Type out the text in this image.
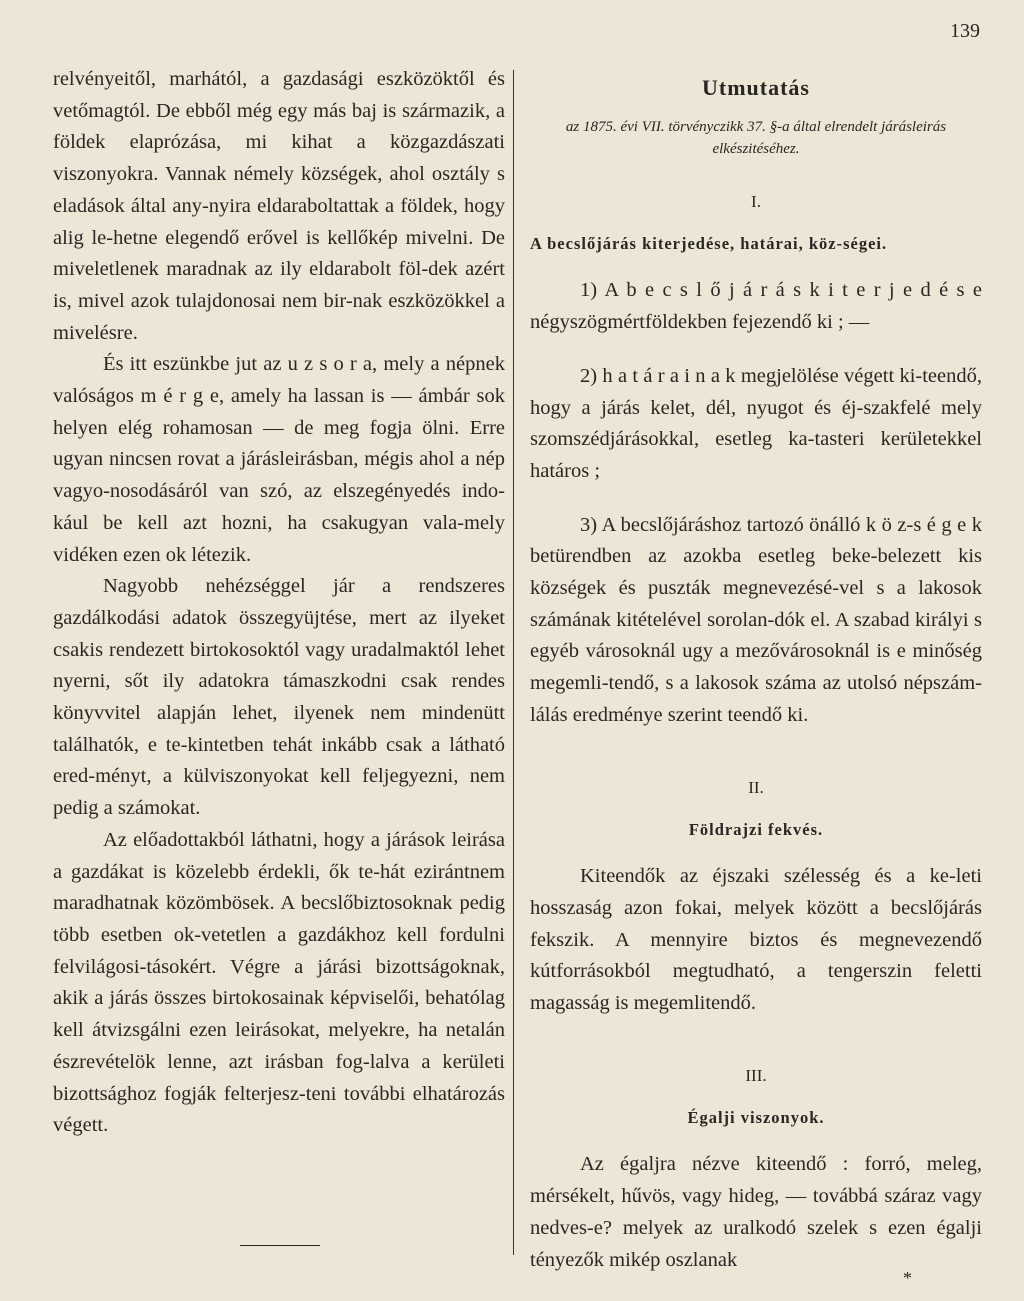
139

relvényeitől, marhától, a gazdasági eszközöktől és vetőmagtól. De ebből még egy más baj is származik, a földek elaprózása, mi kihat a közgazdászati viszonyokra. Vannak némely községek, ahol osztály s eladások által any-nyira eldaraboltattak a földek, hogy alig le-hetne elegendő erővel is kellőkép mivelni. De miveletlenek maradnak az ily eldarabolt föl-dek azért is, mivel azok tulajdonosai nem bir-nak eszközökkel a mivelésre.

És itt eszünkbe jut az u z s o r a, mely a népnek valóságos m é r g e, amely ha lassan is — ámbár sok helyen elég rohamosan — de meg fogja ölni. Erre ugyan nincsen rovat a járásleirásban, mégis ahol a nép vagyo-nosodásáról van szó, az elszegényedés indo-kául be kell azt hozni, ha csakugyan vala-mely vidéken ezen ok létezik.

Nagyobb nehézséggel jár a rendszeres gazdálkodási adatok összegyüjtése, mert az ilyeket csakis rendezett birtokosoktól vagy uradalmaktól lehet nyerni, sőt ily adatokra támaszkodni csak rendes könyvvitel alapján lehet, ilyenek nem mindenütt találhatók, e te-kintetben tehát inkább csak a látható ered-ményt, a külviszonyokat kell feljegyezni, nem pedig a számokat.

Az előadottakból láthatni, hogy a járások leirása a gazdákat is közelebb érdekli, ők te-hát ezirántnem maradhatnak közömbösek. A becslőbiztosoknak pedig több esetben ok-vetetlen a gazdákhoz kell fordulni felvilágosi-tásokért. Végre a járási bizottságoknak, akik a járás összes birtokosainak képviselői, behatólag kell átvizsgálni ezen leirásokat, melyekre, ha netalán észrevételök lenne, azt irásban fog-lalva a kerületi bizottsághoz fogják felterjesz-teni további elhatározás végett.

Utmutatás
az 1875. évi VII. törvényczikk 37. §-a által elrendelt járásleirás elkészitéséhez.
I.
A becslőjárás kiterjedése, határai, köz-ségei.

1) A b e c s l ő j á r á s k i t e r j e d é s e négyszögmértföldekben fejezendő ki ; —

2) h a t á r a i n a k megjelölése végett ki-teendő, hogy a járás kelet, dél, nyugot és éj-szakfelé mely szomszédjárásokkal, esetleg ka-tasteri kerületekkel határos ;

3) A becslőjáráshoz tartozó önálló k ö z-s é g e k betürendben az azokba esetleg beke-belezett kis községek és puszták megnevezésé-vel s a lakosok számának kitételével sorolan-dók el. A szabad királyi s egyéb városoknál ugy a mezővárosoknál is e minőség megemli-tendő, s a lakosok száma az utolsó népszám-lálás eredménye szerint teendő ki.

II.
Földrajzi fekvés.

Kiteendők az éjszaki szélesség és a ke-leti hosszaság azon fokai, melyek között a becslőjárás fekszik. A mennyire biztos és megnevezendő kútforrásokból megtudható, a tengerszin feletti magasság is megemlitendő.

III.
Égalji viszonyok.

Az égaljra nézve kiteendő : forró, meleg, mérsékelt, hűvös, vagy hideg, — továbbá száraz vagy nedves-e? melyek az uralkodó szelek s ezen égalji tényezők mikép oszlanak

*
